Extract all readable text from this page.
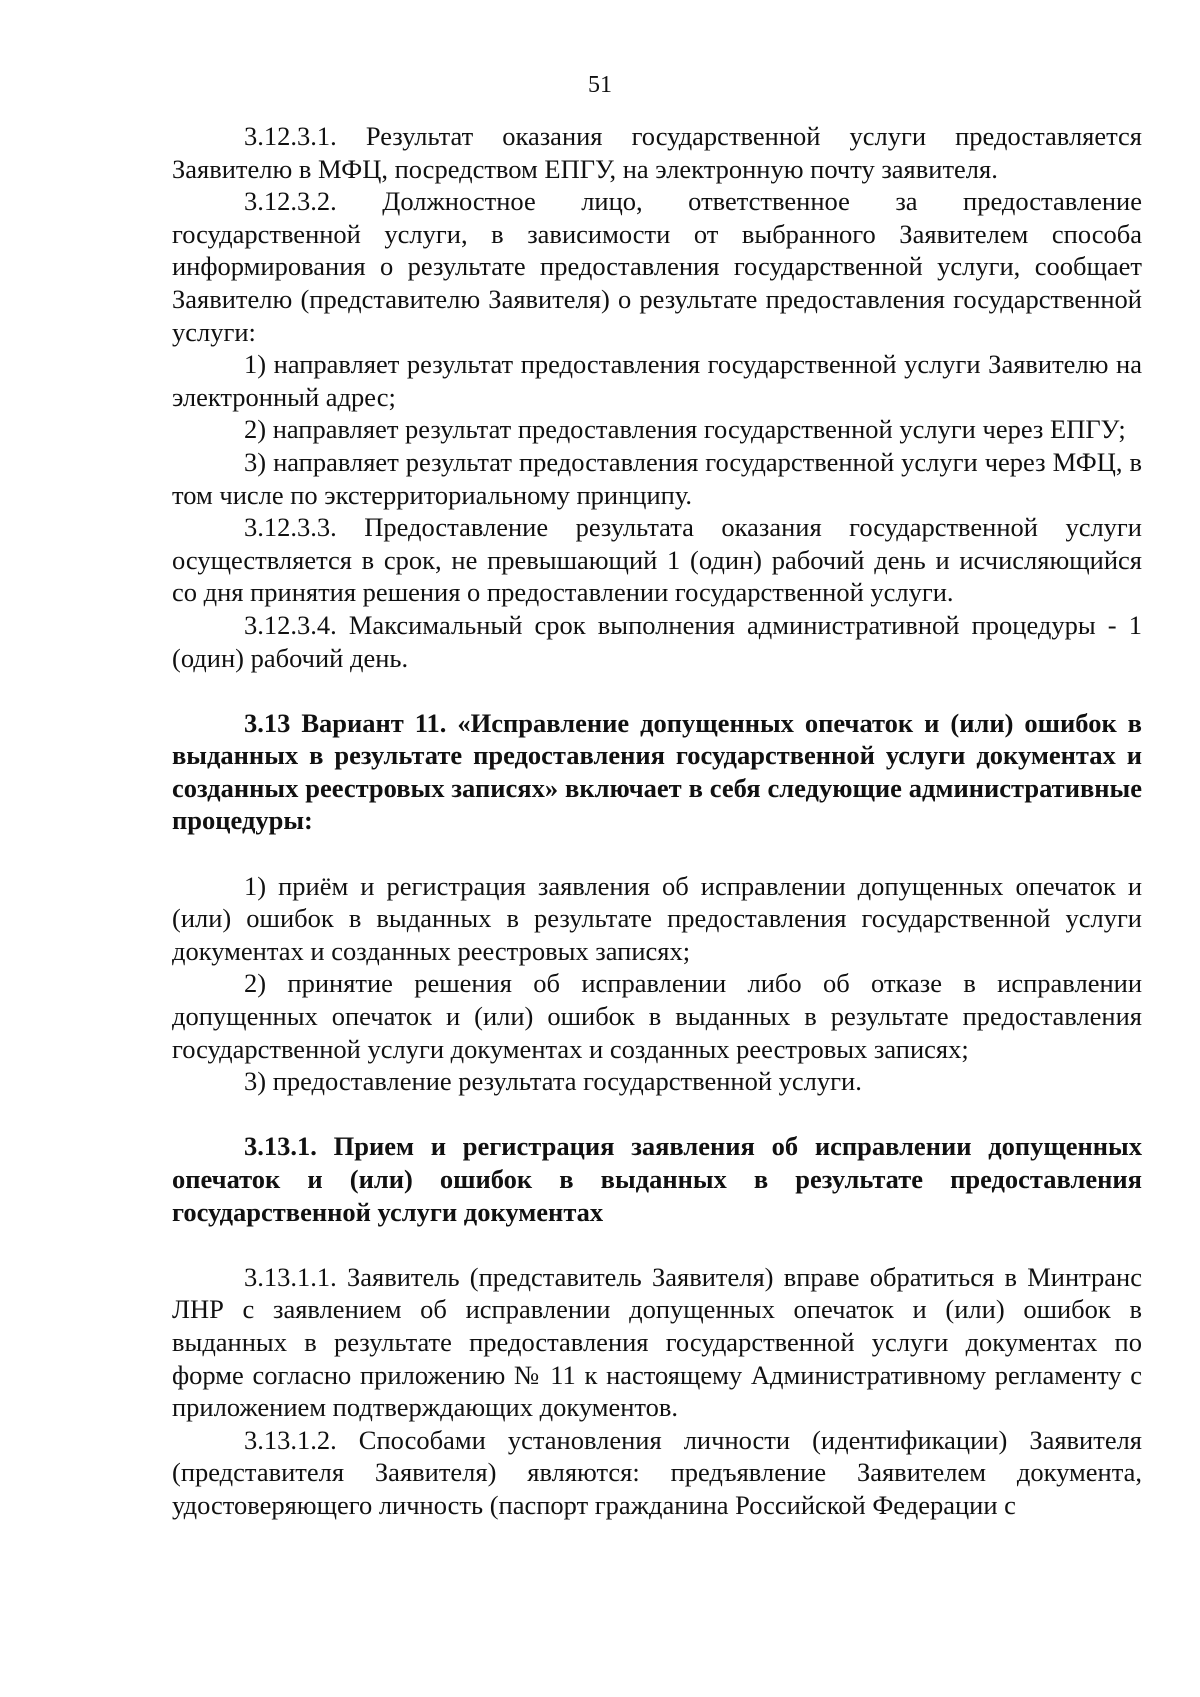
51

3.12.3.1. Результат оказания государственной услуги предоставляется Заявителю в МФЦ, посредством ЕПГУ, на электронную почту заявителя.

3.12.3.2. Должностное лицо, ответственное за предоставление государственной услуги, в зависимости от выбранного Заявителем способа информирования о результате предоставления государственной услуги, сообщает Заявителю (представителю Заявителя) о результате предоставления государственной услуги:

1) направляет результат предоставления государственной услуги Заявителю на электронный адрес;

2) направляет результат предоставления государственной услуги через ЕПГУ;

3) направляет результат предоставления государственной услуги через МФЦ, в том числе по экстерриториальному принципу.

3.12.3.3. Предоставление результата оказания государственной услуги осуществляется в срок, не превышающий 1 (один) рабочий день и исчисляющийся со дня принятия решения о предоставлении государственной услуги.

3.12.3.4. Максимальный срок выполнения административной процедуры - 1 (один) рабочий день.

3.13 Вариант 11. «Исправление допущенных опечаток и (или) ошибок в выданных в результате предоставления государственной услуги документах и созданных реестровых записях» включает в себя следующие административные процедуры:

1) приём и регистрация заявления об исправлении допущенных опечаток и (или) ошибок в выданных в результате предоставления государственной услуги документах и созданных реестровых записях;

2) принятие решения об исправлении либо об отказе в исправлении допущенных опечаток и (или) ошибок в выданных в результате предоставления государственной услуги документах и созданных реестровых записях;

3) предоставление результата государственной услуги.

3.13.1. Прием и регистрация заявления об исправлении допущенных опечаток и (или) ошибок в выданных в результате предоставления государственной услуги документах

3.13.1.1. Заявитель (представитель Заявителя) вправе обратиться в Минтранс ЛНР с заявлением об исправлении допущенных опечаток и (или) ошибок в выданных в результате предоставления государственной услуги документах по форме согласно приложению № 11 к настоящему Административному регламенту с приложением подтверждающих документов.

3.13.1.2. Способами установления личности (идентификации) Заявителя (представителя Заявителя) являются: предъявление Заявителем документа, удостоверяющего личность (паспорт гражданина Российской Федерации с
